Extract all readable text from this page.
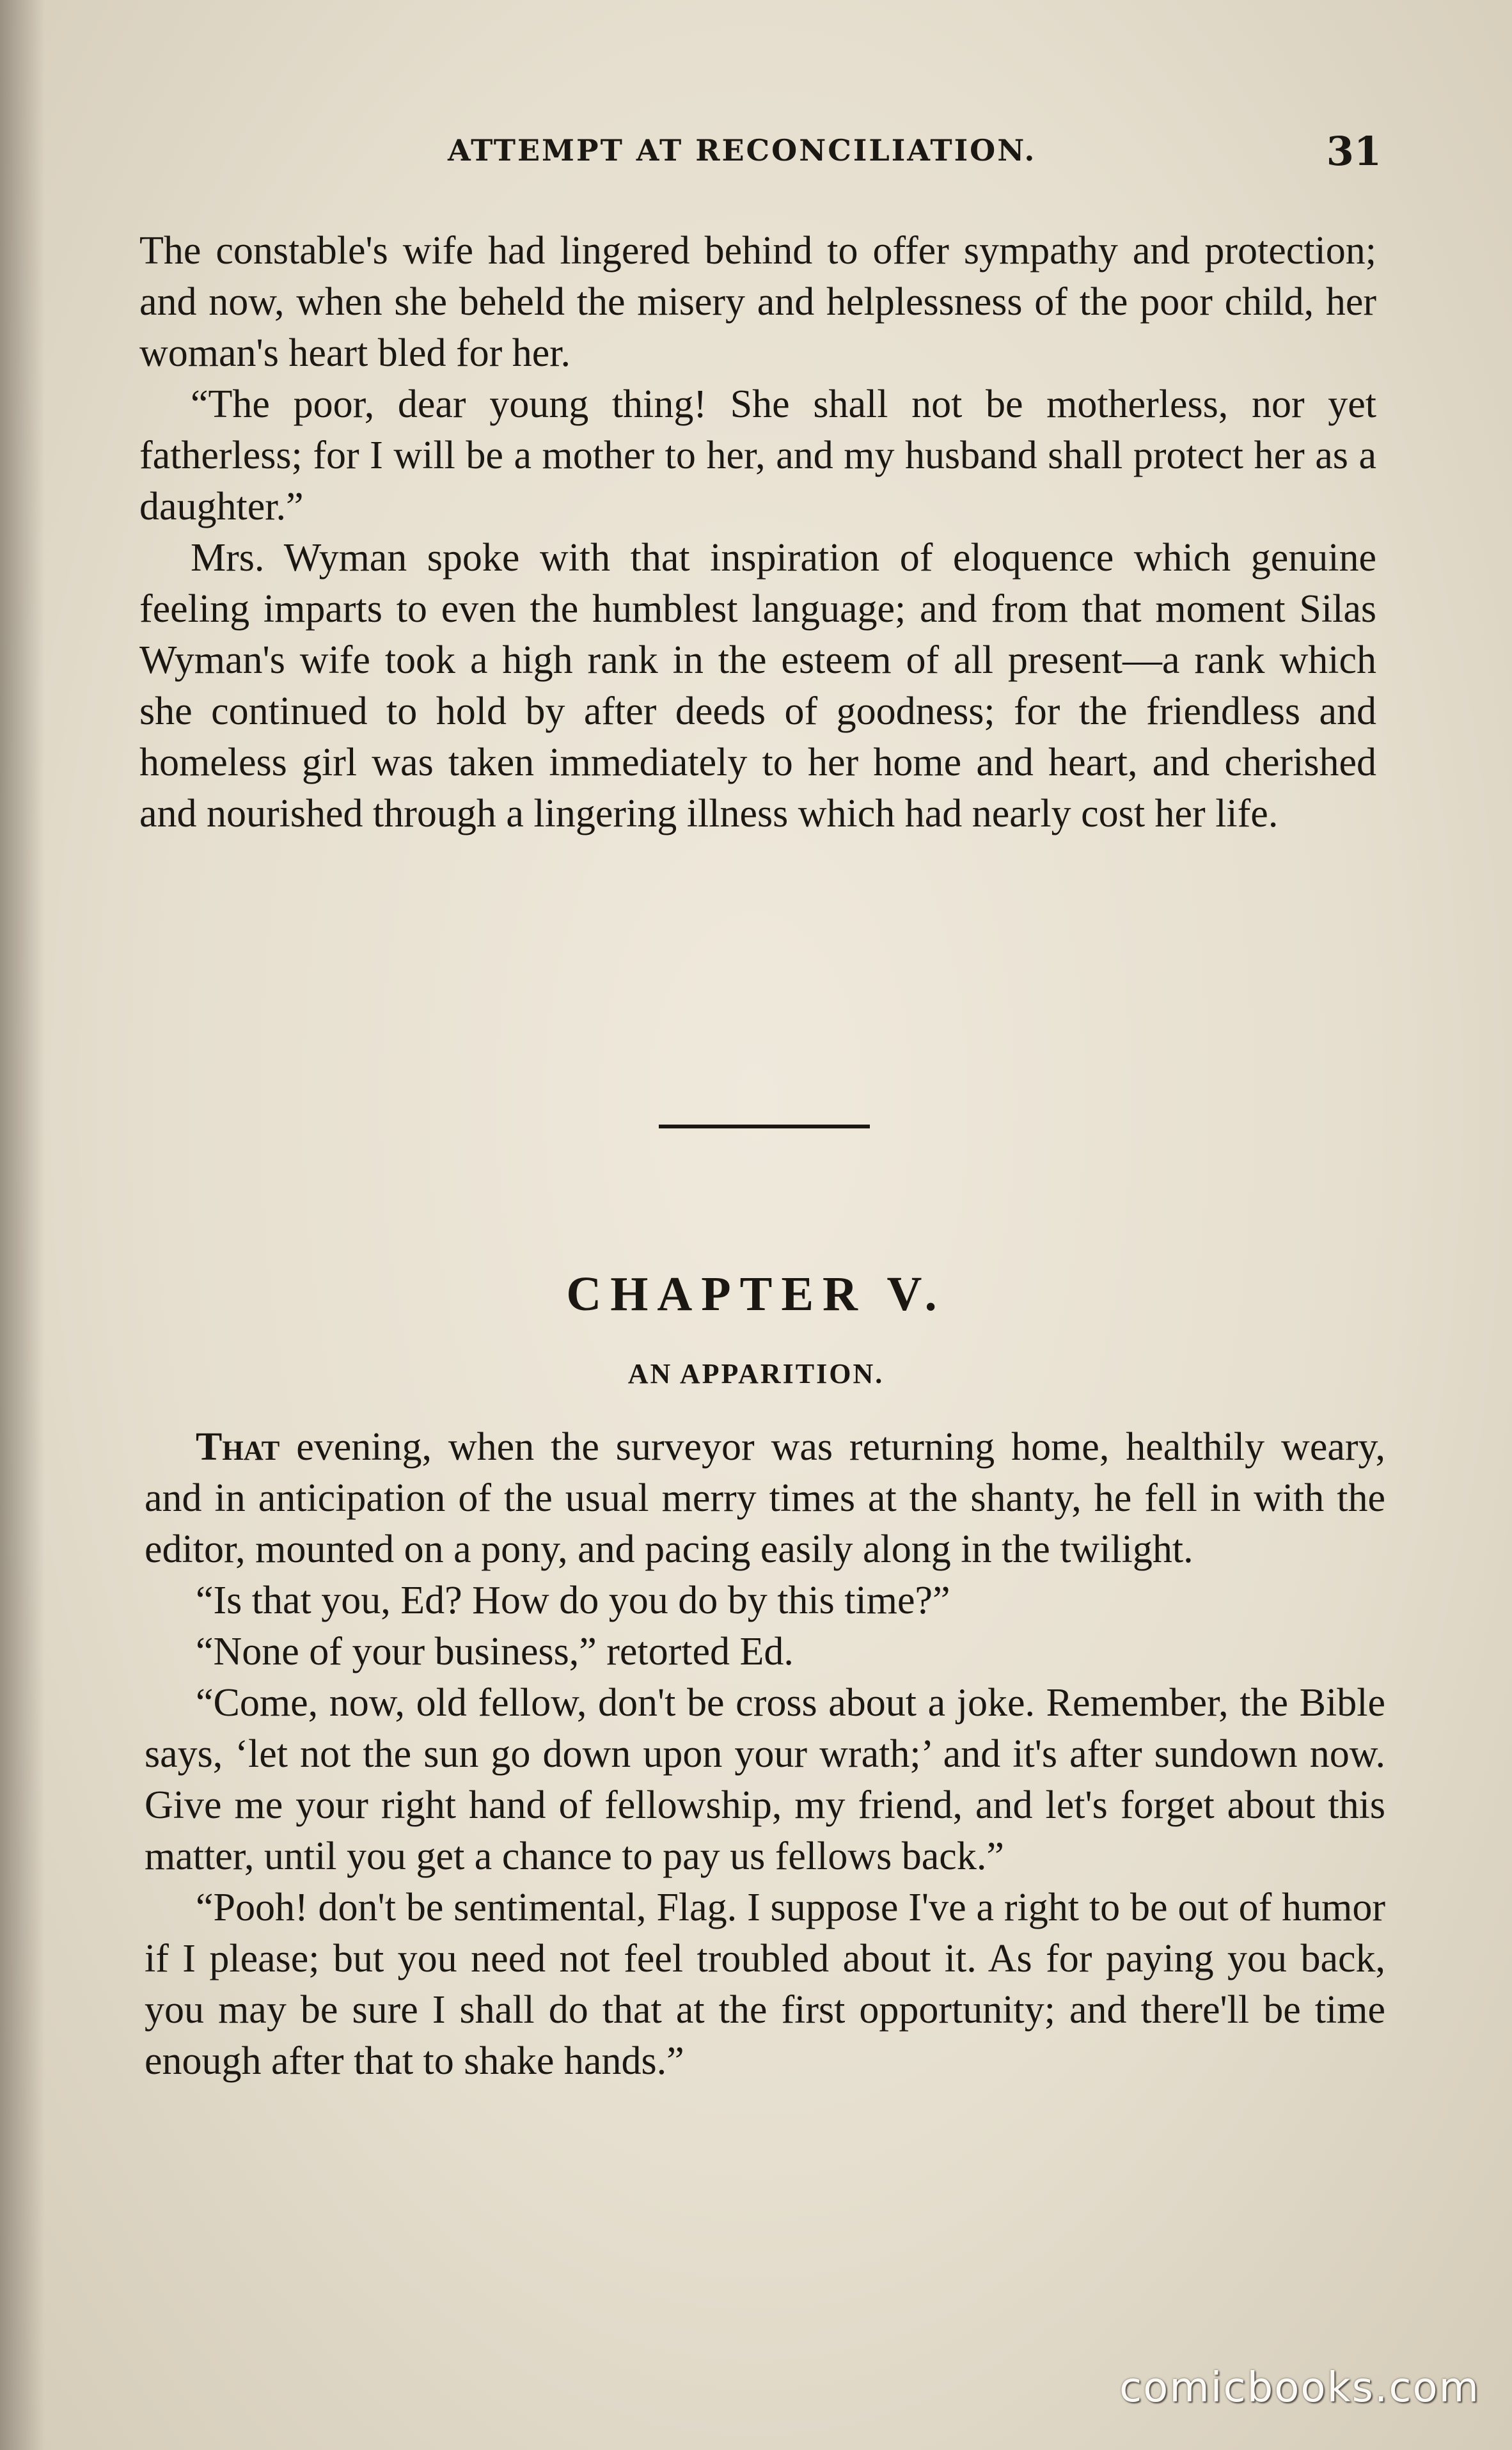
ATTEMPT AT RECONCILIATION.	31

The constable's wife had lingered behind to offer sympathy and protection; and now, when she beheld the misery and helplessness of the poor child, her woman's heart bled for her.

“The poor, dear young thing! She shall not be motherless, nor yet fatherless; for I will be a mother to her, and my husband shall protect her as a daughter.”

Mrs. Wyman spoke with that inspiration of eloquence which genuine feeling imparts to even the humblest language; and from that moment Silas Wyman's wife took a high rank in the esteem of all present—a rank which she continued to hold by after deeds of goodness; for the friendless and homeless girl was taken immediately to her home and heart, and cherished and nourished through a lingering illness which had nearly cost her life.

CHAPTER V.
AN APPARITION.

That evening, when the surveyor was returning home, healthily weary, and in anticipation of the usual merry times at the shanty, he fell in with the editor, mounted on a pony, and pacing easily along in the twilight.

“Is that you, Ed? How do you do by this time?”

“None of your business,” retorted Ed.

“Come, now, old fellow, don't be cross about a joke. Remember, the Bible says, ‘let not the sun go down upon your wrath;’ and it's after sundown now. Give me your right hand of fellowship, my friend, and let's forget about this matter, until you get a chance to pay us fellows back.”

“Pooh! don't be sentimental, Flag. I suppose I've a right to be out of humor if I please; but you need not feel troubled about it. As for paying you back, you may be sure I shall do that at the first opportunity; and there'll be time enough after that to shake hands.”

comicbooks.com
